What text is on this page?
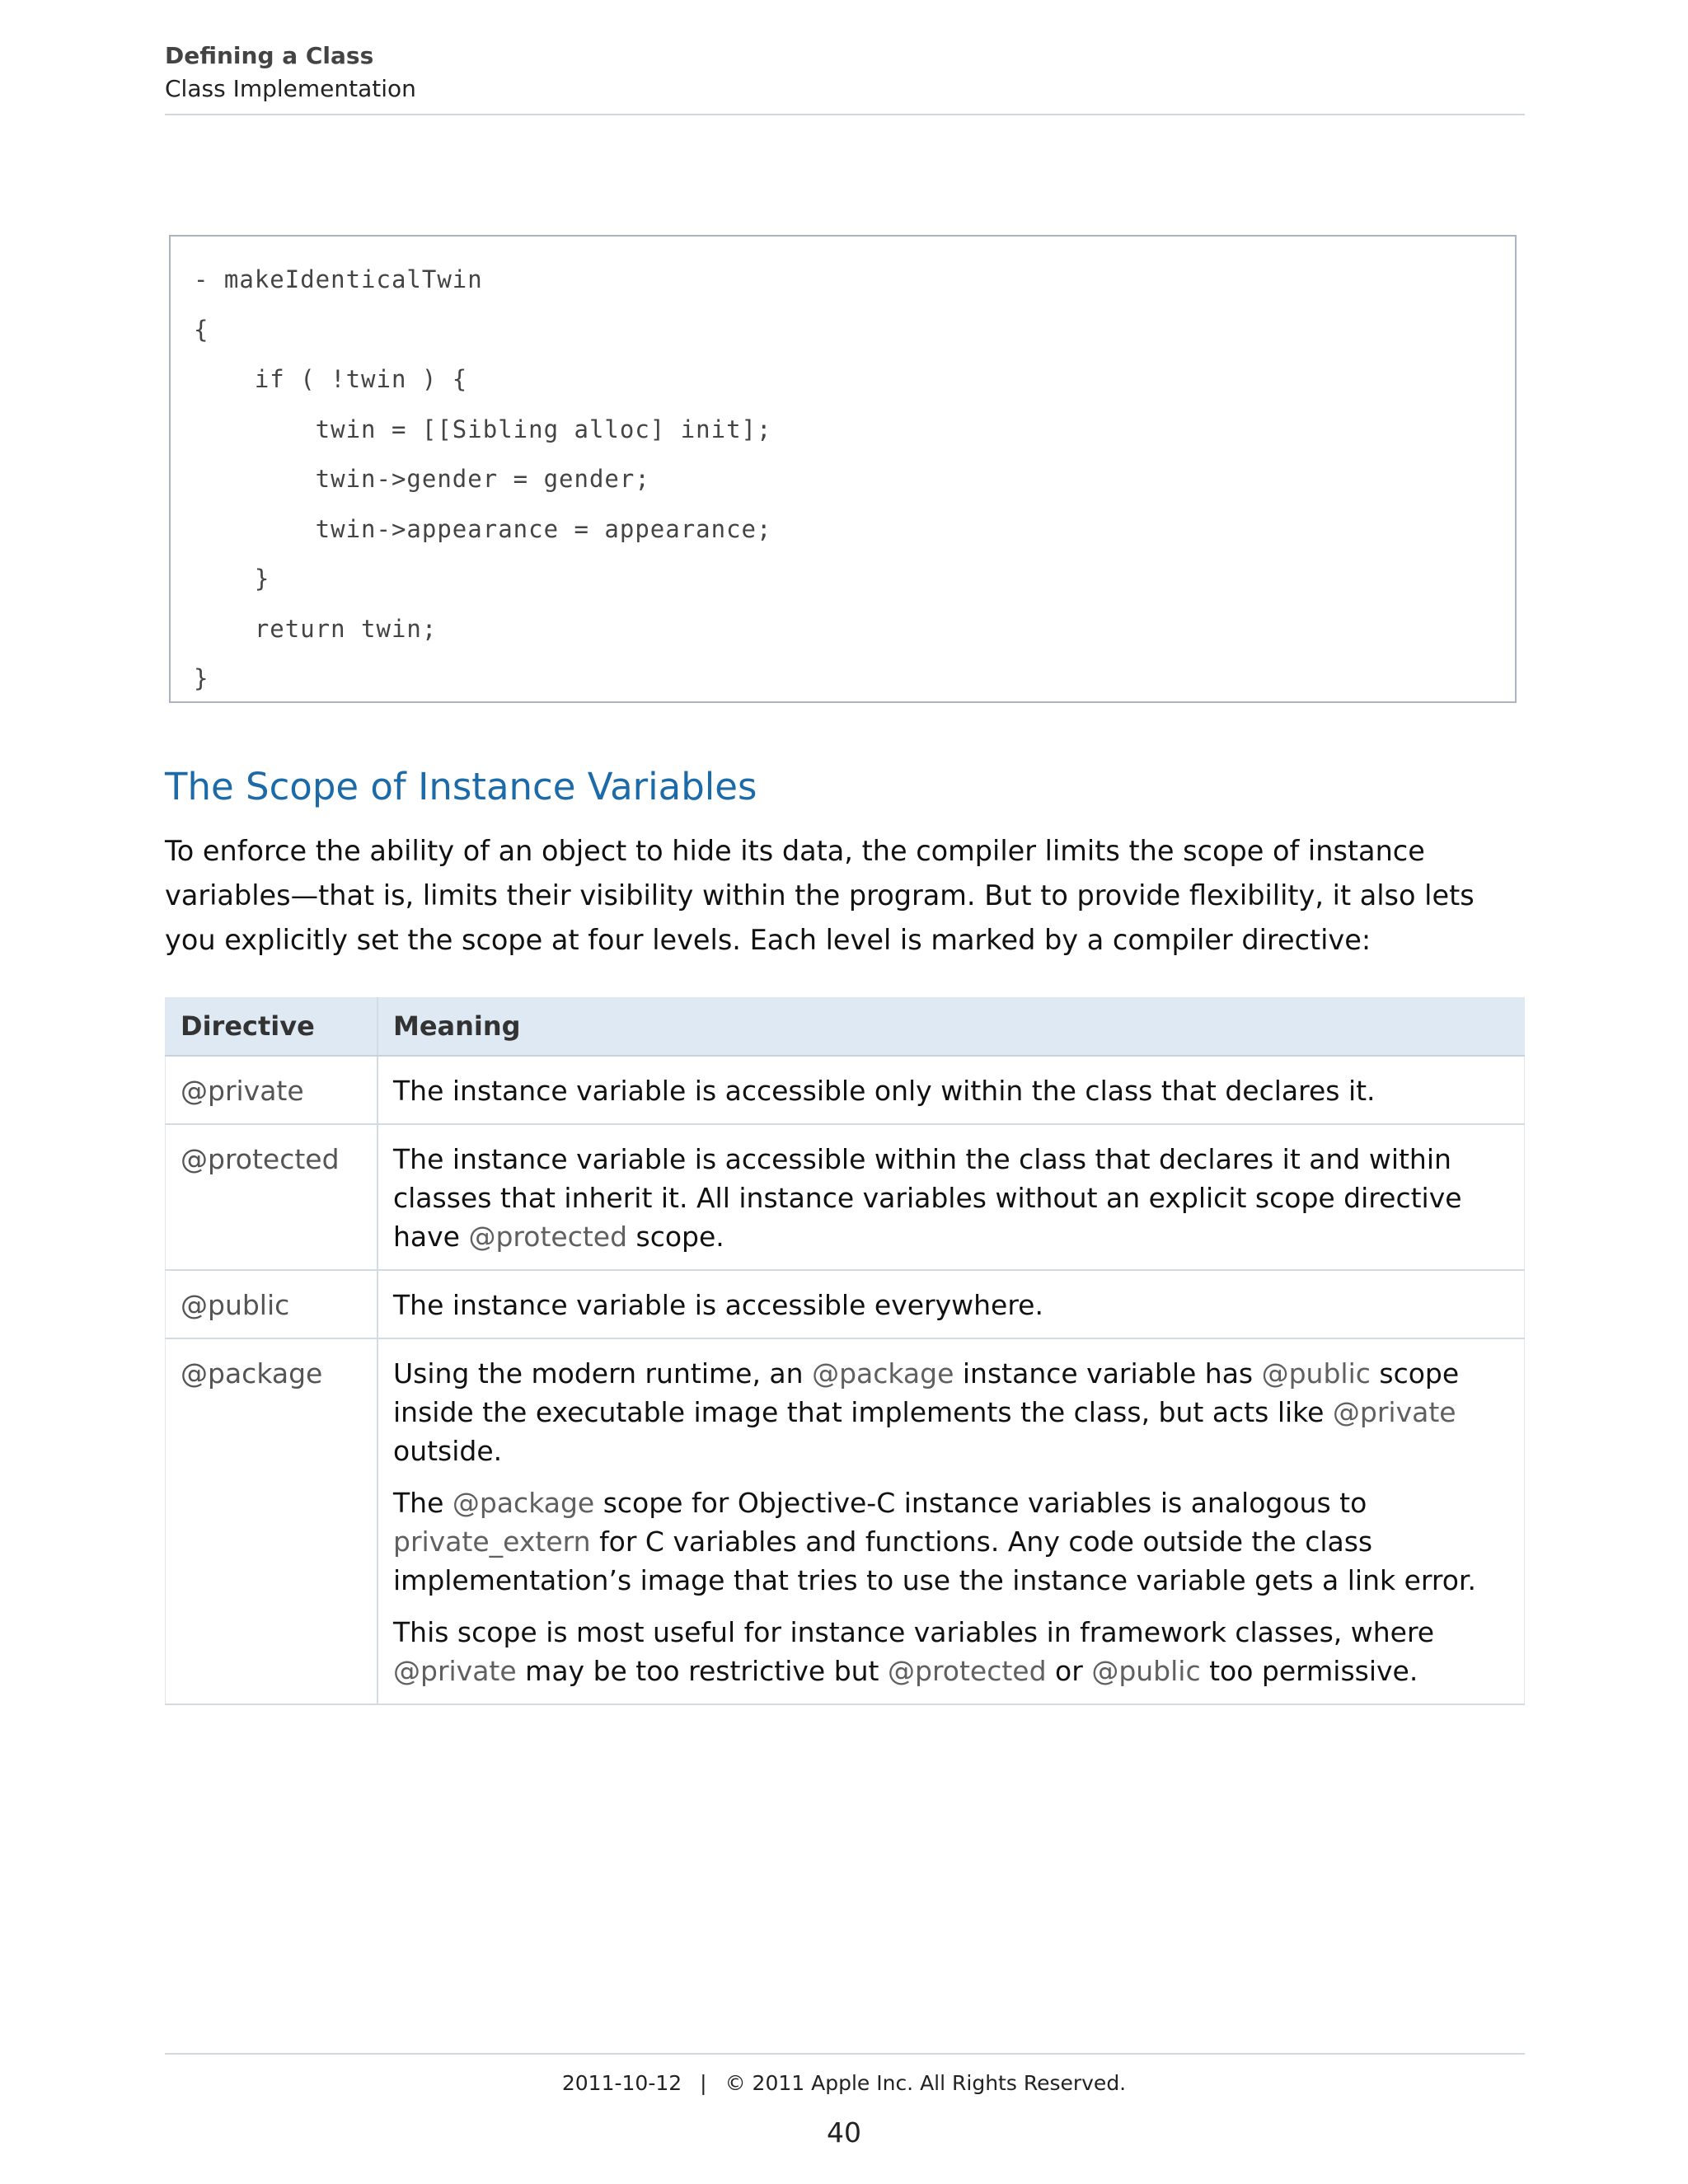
Defining a Class
Class Implementation
- makeIdenticalTwin
{
if ( !twin ) {
twin = [[Sibling alloc] init];
twin->gender = gender;
twin->appearance = appearance;
}
return twin;
}
The Scope of Instance Variables
To enforce the ability of an object to hide its data, the compiler limits the scope of instance variables—that is, limits their visibility within the program. But to provide flexibility, it also lets you explicitly set the scope at four levels. Each level is marked by a compiler directive:
Directive	Meaning
@private	The instance variable is accessible only within the class that declares it.
@protected	The instance variable is accessible within the class that declares it and within classes that inherit it. All instance variables without an explicit scope directive have @protected scope.
@public	The instance variable is accessible everywhere.
@package	Using the modern runtime, an @package instance variable has @public scope inside the executable image that implements the class, but acts like @private outside.

The @package scope for Objective-C instance variables is analogous to private_extern for C variables and functions. Any code outside the class implementation’s image that tries to use the instance variable gets a link error.

This scope is most useful for instance variables in framework classes, where @private may be too restrictive but @protected or @public too permissive.

2011-10-12 | © 2011 Apple Inc. All Rights Reserved.
40
